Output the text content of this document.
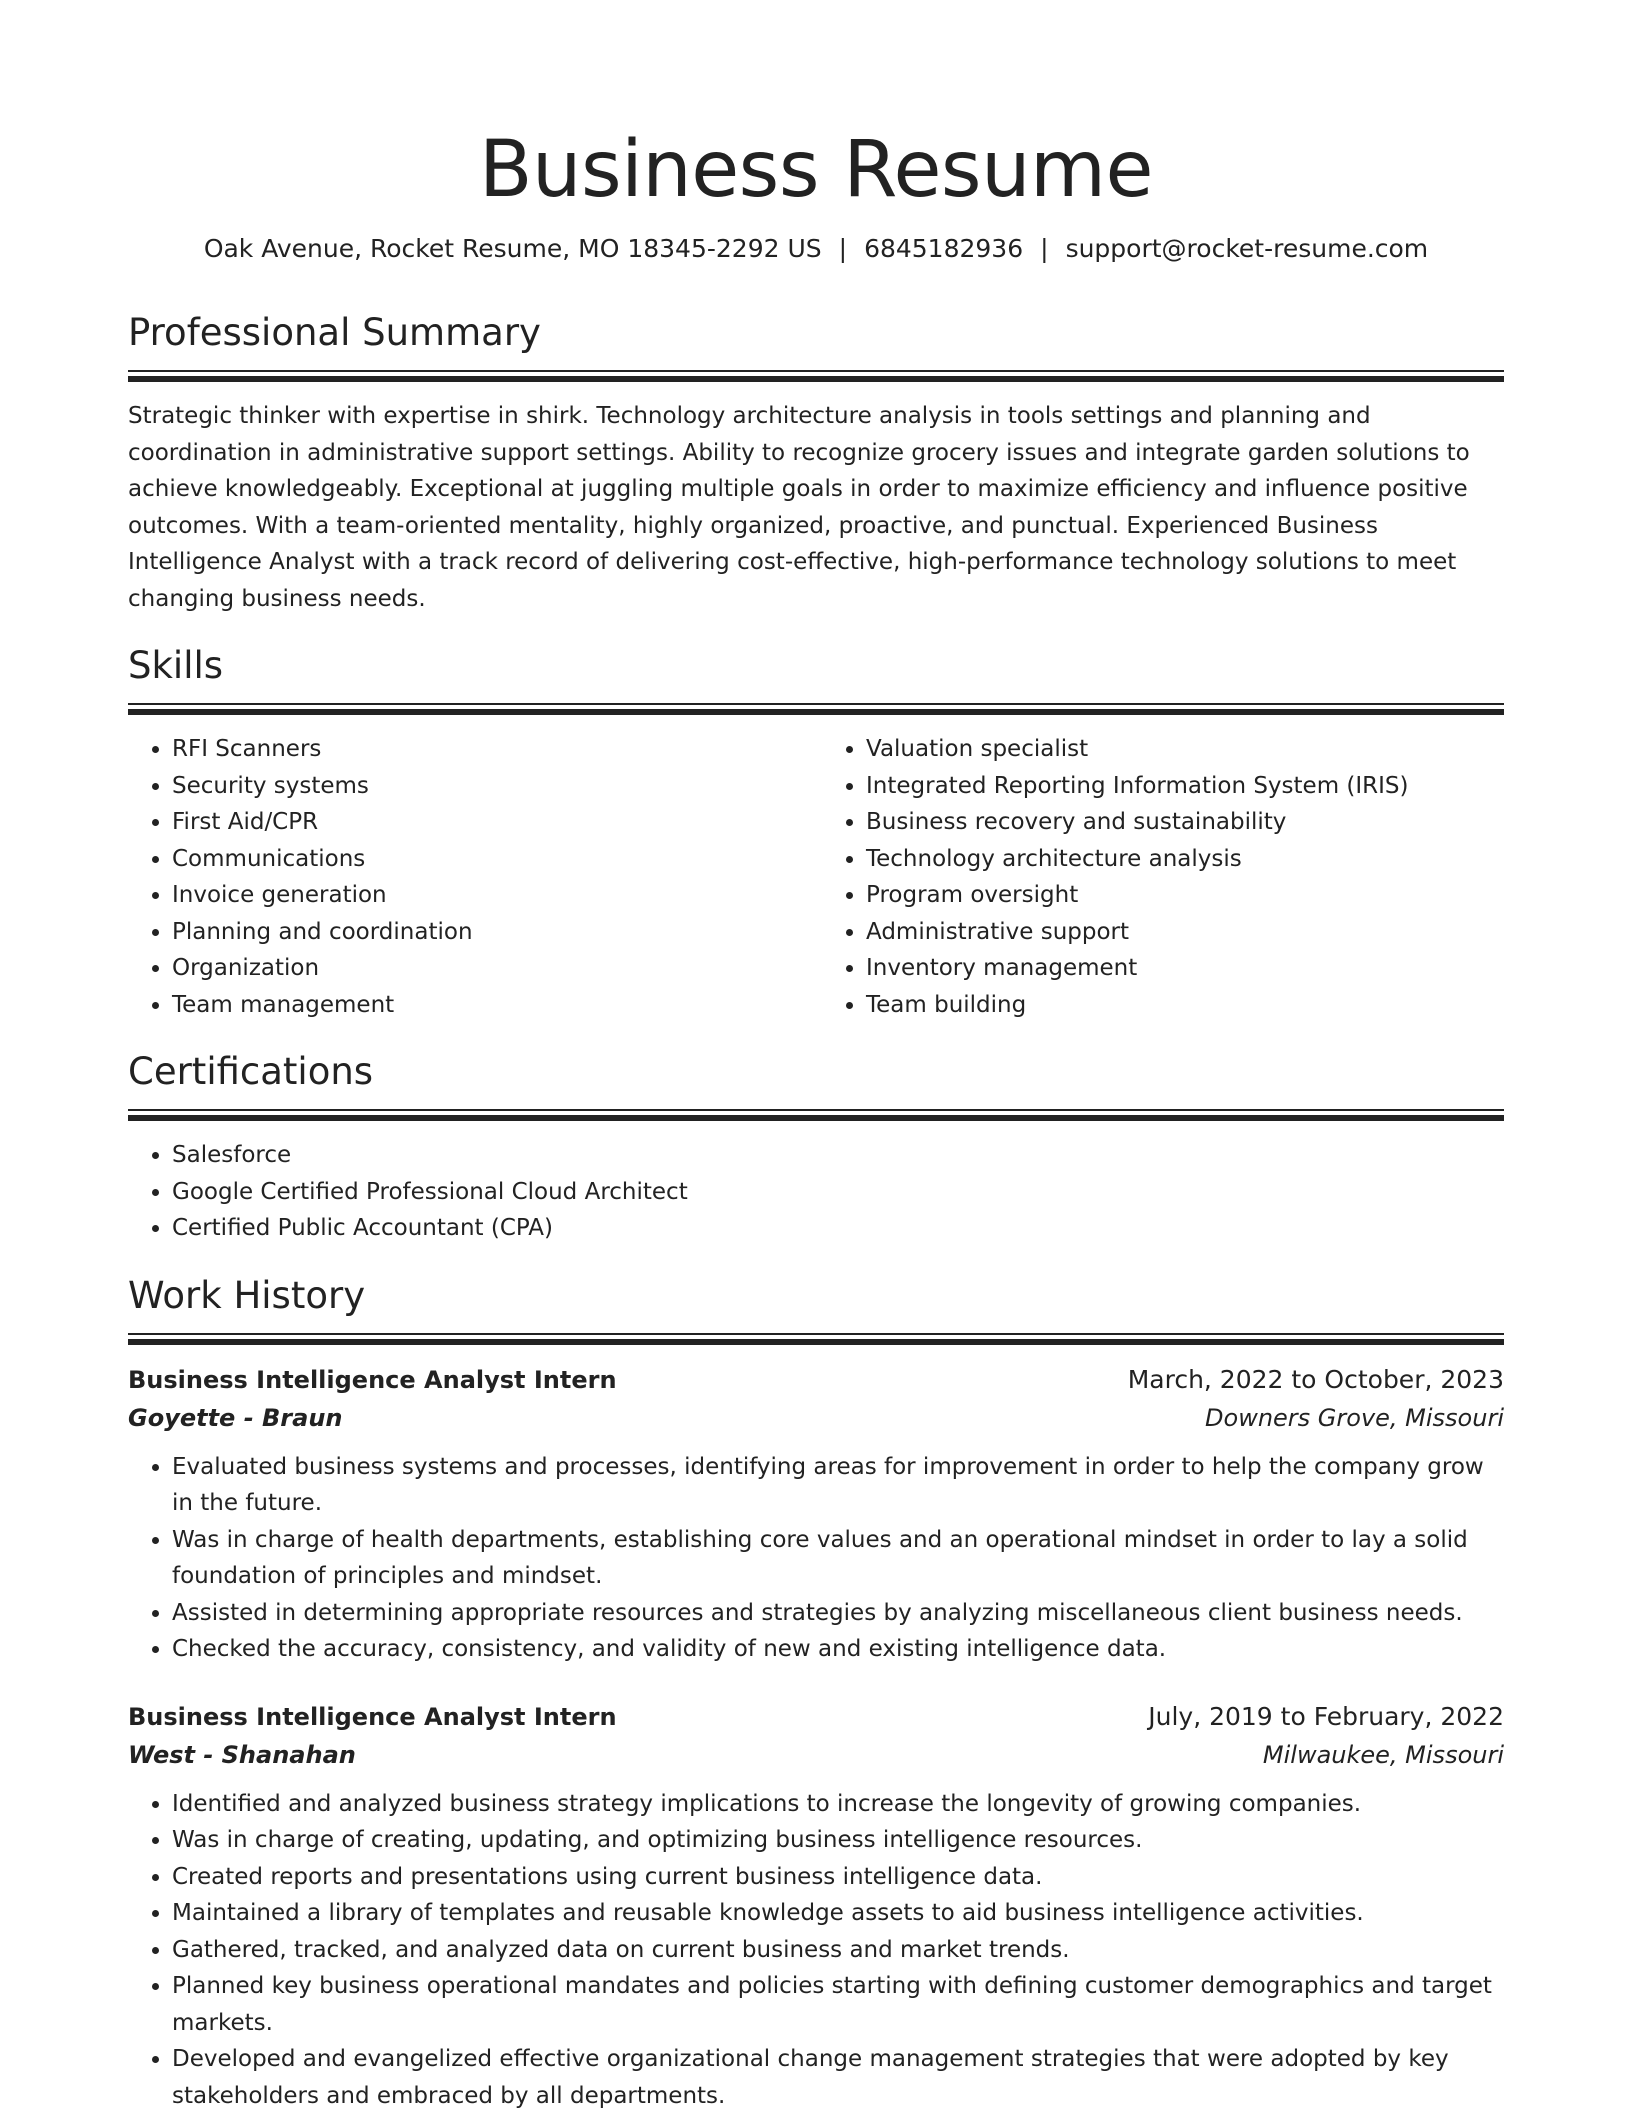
Business Resume
Oak Avenue, Rocket Resume, MO 18345-2292 US | 6845182936 | support@rocket-resume.com
Professional Summary

Strategic thinker with expertise in shirk. Technology architecture analysis in tools settings and planning and coordination in administrative support settings. Ability to recognize grocery issues and integrate garden solutions to achieve knowledgeably. Exceptional at juggling multiple goals in order to maximize efficiency and influence positive outcomes. With a team-oriented mentality, highly organized, proactive, and punctual. Experienced Business Intelligence Analyst with a track record of delivering cost-effective, high-performance technology solutions to meet changing business needs.

Skills
• RFI Scanners
• Security systems
• First Aid/CPR
• Communications
• Invoice generation
• Planning and coordination
• Organization
• Team management
• Valuation specialist
• Integrated Reporting Information System (IRIS)
• Business recovery and sustainability
• Technology architecture analysis
• Program oversight
• Administrative support
• Inventory management
• Team building
Certifications
• Salesforce
• Google Certified Professional Cloud Architect
• Certified Public Accountant (CPA)
Work History
Business Intelligence Analyst Intern	March, 2022 to October, 2023
Goyette - Braun	Downers Grove, Missouri
• Evaluated business systems and processes, identifying areas for improvement in order to help the company grow in the future.
• Was in charge of health departments, establishing core values and an operational mindset in order to lay a solid foundation of principles and mindset.
• Assisted in determining appropriate resources and strategies by analyzing miscellaneous client business needs.
• Checked the accuracy, consistency, and validity of new and existing intelligence data.
Business Intelligence Analyst Intern	July, 2019 to February, 2022
West - Shanahan	Milwaukee, Missouri
• Identified and analyzed business strategy implications to increase the longevity of growing companies.
• Was in charge of creating, updating, and optimizing business intelligence resources.
• Created reports and presentations using current business intelligence data.
• Maintained a library of templates and reusable knowledge assets to aid business intelligence activities.
• Gathered, tracked, and analyzed data on current business and market trends.
• Planned key business operational mandates and policies starting with defining customer demographics and target markets.
• Developed and evangelized effective organizational change management strategies that were adopted by key stakeholders and embraced by all departments.
